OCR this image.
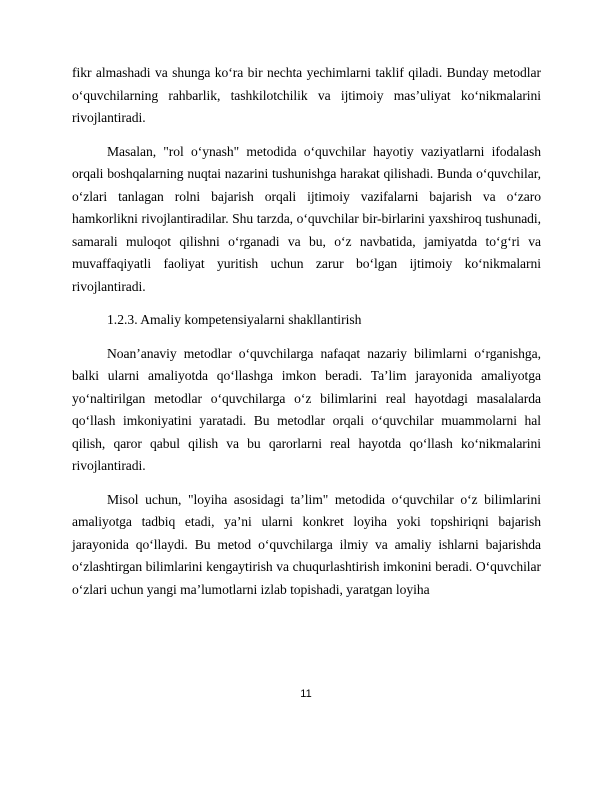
fikr almashadi va shunga ko‘ra bir nechta yechimlarni taklif qiladi. Bunday metodlar o‘quvchilarning rahbarlik, tashkilotchilik va ijtimoiy mas’uliyat ko‘nikmalarini rivojlantiradi.

Masalan, "rol o‘ynash" metodida o‘quvchilar hayotiy vaziyatlarni ifodalash orqali boshqalarning nuqtai nazarini tushunishga harakat qilishadi. Bunda o‘quvchilar, o‘zlari tanlagan rolni bajarish orqali ijtimoiy vazifalarni bajarish va o‘zaro hamkorlikni rivojlantiradilar. Shu tarzda, o‘quvchilar bir-birlarini yaxshiroq tushunadi, samarali muloqot qilishni o‘rganadi va bu, o‘z navbatida, jamiyatda to‘g‘ri va muvaffaqiyatli faoliyat yuritish uchun zarur bo‘lgan ijtimoiy ko‘nikmalarni rivojlantiradi.

1.2.3. Amaliy kompetensiyalarni shakllantirish

Noan’anaviy metodlar o‘quvchilarga nafaqat nazariy bilimlarni o‘rganishga, balki ularni amaliyotda qo‘llashga imkon beradi. Ta’lim jarayonida amaliyotga yo‘naltirilgan metodlar o‘quvchilarga o‘z bilimlarini real hayotdagi masalalarda qo‘llash imkoniyatini yaratadi. Bu metodlar orqali o‘quvchilar muammolarni hal qilish, qaror qabul qilish va bu qarorlarni real hayotda qo‘llash ko‘nikmalarini rivojlantiradi.

Misol uchun, "loyiha asosidagi ta’lim" metodida o‘quvchilar o‘z bilimlarini amaliyotga tadbiq etadi, ya’ni ularni konkret loyiha yoki topshiriqni bajarish jarayonida qo‘llaydi. Bu metod o‘quvchilarga ilmiy va amaliy ishlarni bajarishda o‘zlashtirgan bilimlarini kengaytirish va chuqurlashtirish imkonini beradi. O‘quvchilar o‘zlari uchun yangi ma’lumotlarni izlab topishadi, yaratgan loyiha

11
